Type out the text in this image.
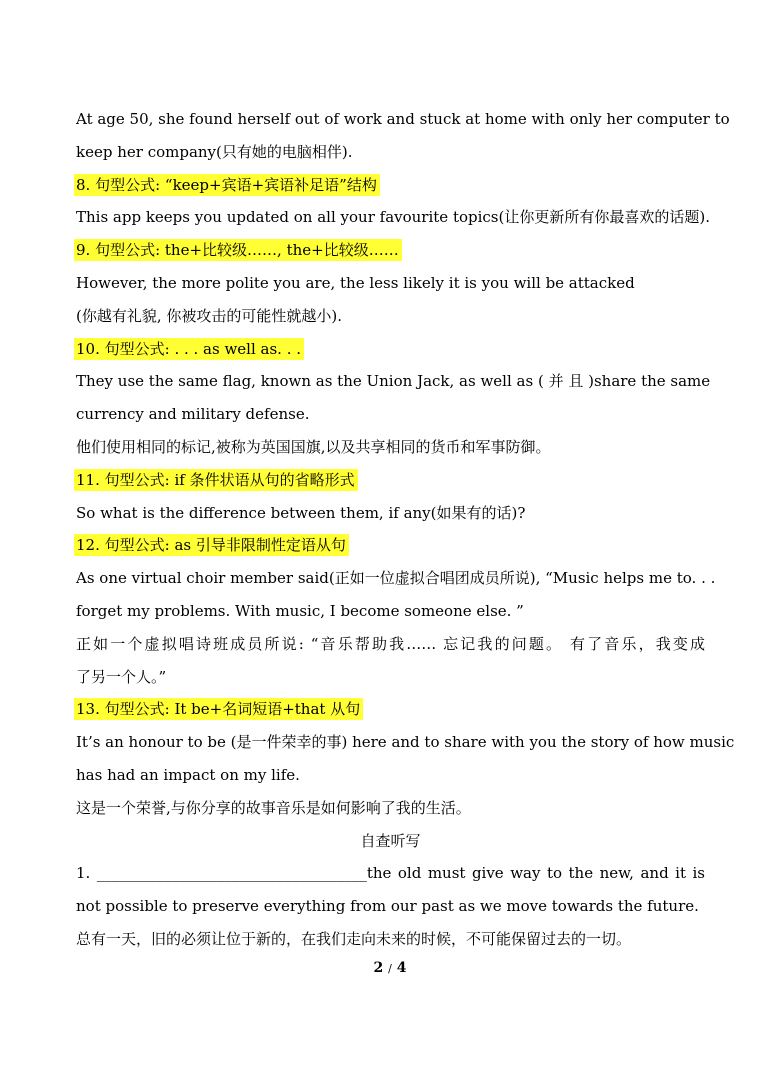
At age 50, she found herself out of work and stuck at home with only her computer to
keep her company(只有她的电脑相伴).
8. 句型公式: “keep+宾语+宾语补足语”结构
This app keeps you updated on all your favourite topics(让你更新所有你最喜欢的话题).
9. 句型公式: the+比较级……, the+比较级……
However, the more polite you are, the less likely it is you will be attacked
(你越有礼貌, 你被攻击的可能性就越小).
10. 句型公式: . . . as well as. . .
They use the same flag, known as the Union Jack, as well as ( 并 且 )share the same
currency and military defense.
他们使用相同的标记,被称为英国国旗,以及共享相同的货币和军事防御。
11. 句型公式: if 条件状语从句的省略形式
So what is the difference between them, if any(如果有的话)?
12. 句型公式: as 引导非限制性定语从句
As one virtual choir member said(正如一位虚拟合唱团成员所说), “Music helps me to. . .
forget my problems. With music, I become someone else. ”
正如一个虚拟唱诗班成员所说: “音乐帮助我…… 忘记我的问题。 有了音乐，我变成
了另一个人。”
13. 句型公式: It be+名词短语+that 从句
It’s an honour to be (是一件荣幸的事) here and to share with you the story of how music
has had an impact on my life.
这是一个荣誉,与你分享的故事音乐是如何影响了我的生活。
自查听写
1. ____________________________________the old must give way to the new, and it is
not possible to preserve everything from our past as we move towards the future.
总有一天，旧的必须让位于新的，在我们走向未来的时候，不可能保留过去的一切。
2 / 4
